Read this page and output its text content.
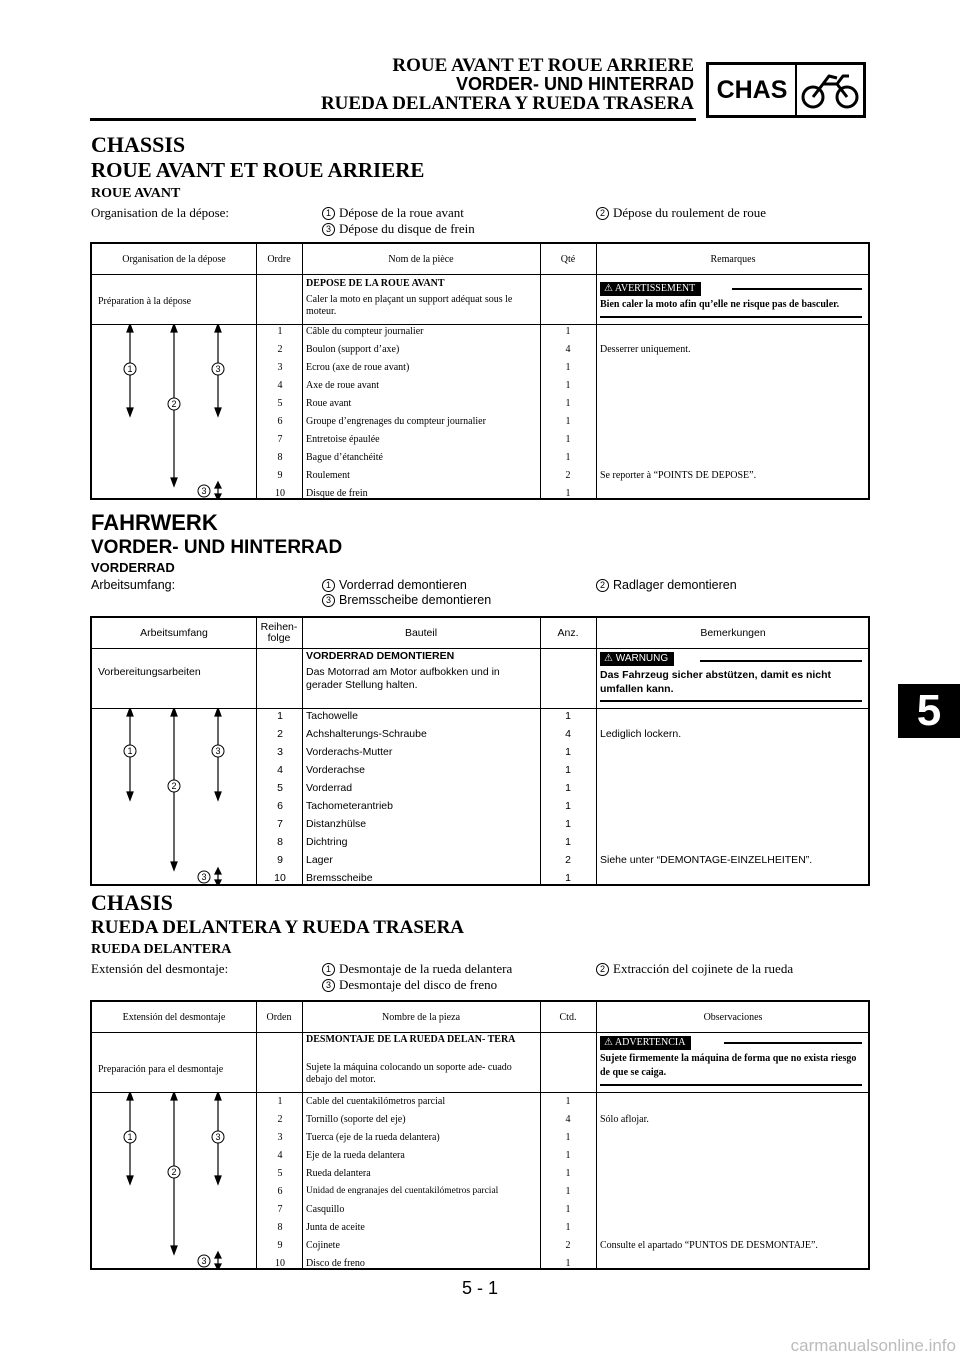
ROUE AVANT ET ROUE ARRIERE
VORDER- UND HINTERRAD
RUEDA DELANTERA Y RUEDA TRASERA CHAS
5
CHASSIS
ROUE AVANT ET ROUE ARRIERE
ROUE AVANT
Organisation de la dépose:	1 Dépose de la roue avant	2 Dépose du roulement de roue
3 Dépose du disque de frein
Organisation de la dépose	Ordre	Nom de la pièce	Qté	Remarques
Préparation à la dépose
DEPOSE DE LA ROUE AVANT
Caler la moto en plaçant un support adéquat sous le moteur.
⚠ AVERTISSEMENT
Bien caler la moto afin qu’elle ne risque pas de basculer.
1
2
3
3
1	Câble du compteur journalier	1
2	Boulon (support d’axe)	4	Desserrer uniquement.
3	Ecrou (axe de roue avant)	1
4	Axe de roue avant	1
5	Roue avant	1
6	Groupe d’engrenages du compteur journalier	1
7	Entretoise épaulée	1
8	Bague d’étanchéité	1
9	Roulement	2	Se reporter à “POINTS DE DEPOSE”.
10	Disque de frein	1
FAHRWERK
VORDER- UND HINTERRAD
VORDERRAD
Arbeitsumfang:	1 Vorderrad demontieren	2 Radlager demontieren
3 Bremsscheibe demontieren
Arbeitsumfang	Reihen- folge	Bauteil	Anz.	Bemerkungen
Vorbereitungsarbeiten
VORDERRAD DEMONTIEREN
Das Motorrad am Motor aufbokken und in gerader Stellung halten.
⚠ WARNUNG
Das Fahrzeug sicher abstützen, damit es nicht umfallen kann.
1
2
3
3
1	Tachowelle	1
2	Achshalterungs-Schraube	4	Lediglich lockern.
3	Vorderachs-Mutter	1
4	Vorderachse	1
5	Vorderrad	1
6	Tachometerantrieb	1
7	Distanzhülse	1
8	Dichtring	1
9	Lager	2	Siehe unter “DEMONTAGE-EINZELHEITEN”.
10	Bremsscheibe	1
CHASIS
RUEDA DELANTERA Y RUEDA TRASERA
RUEDA DELANTERA
Extensión del desmontaje:	1 Desmontaje de la rueda delantera	2 Extracción del cojinete de la rueda
3 Desmontaje del disco de freno
Extensión del desmontaje	Orden	Nombre de la pieza	Ctd.	Observaciones
Preparación para el desmontaje
DESMONTAJE DE LA RUEDA DELAN- TERA
Sujete la máquina colocando un soporte ade- cuado debajo del motor.
⚠ ADVERTENCIA
Sujete firmemente la máquina de forma que no exista riesgo de que se caiga.
1
2
3
3
1	Cable del cuentakilómetros parcial	1
2	Tornillo (soporte del eje)	4	Sólo aflojar.
3	Tuerca (eje de la rueda delantera)	1
4	Eje de la rueda delantera	1
5	Rueda delantera	1
6	Unidad de engranajes del cuentakilómetros parcial	1
7	Casquillo	1
8	Junta de aceite	1
9	Cojinete	2	Consulte el apartado “PUNTOS DE DESMONTAJE”.
10	Disco de freno	1
5 - 1
carmanualsonline.info
